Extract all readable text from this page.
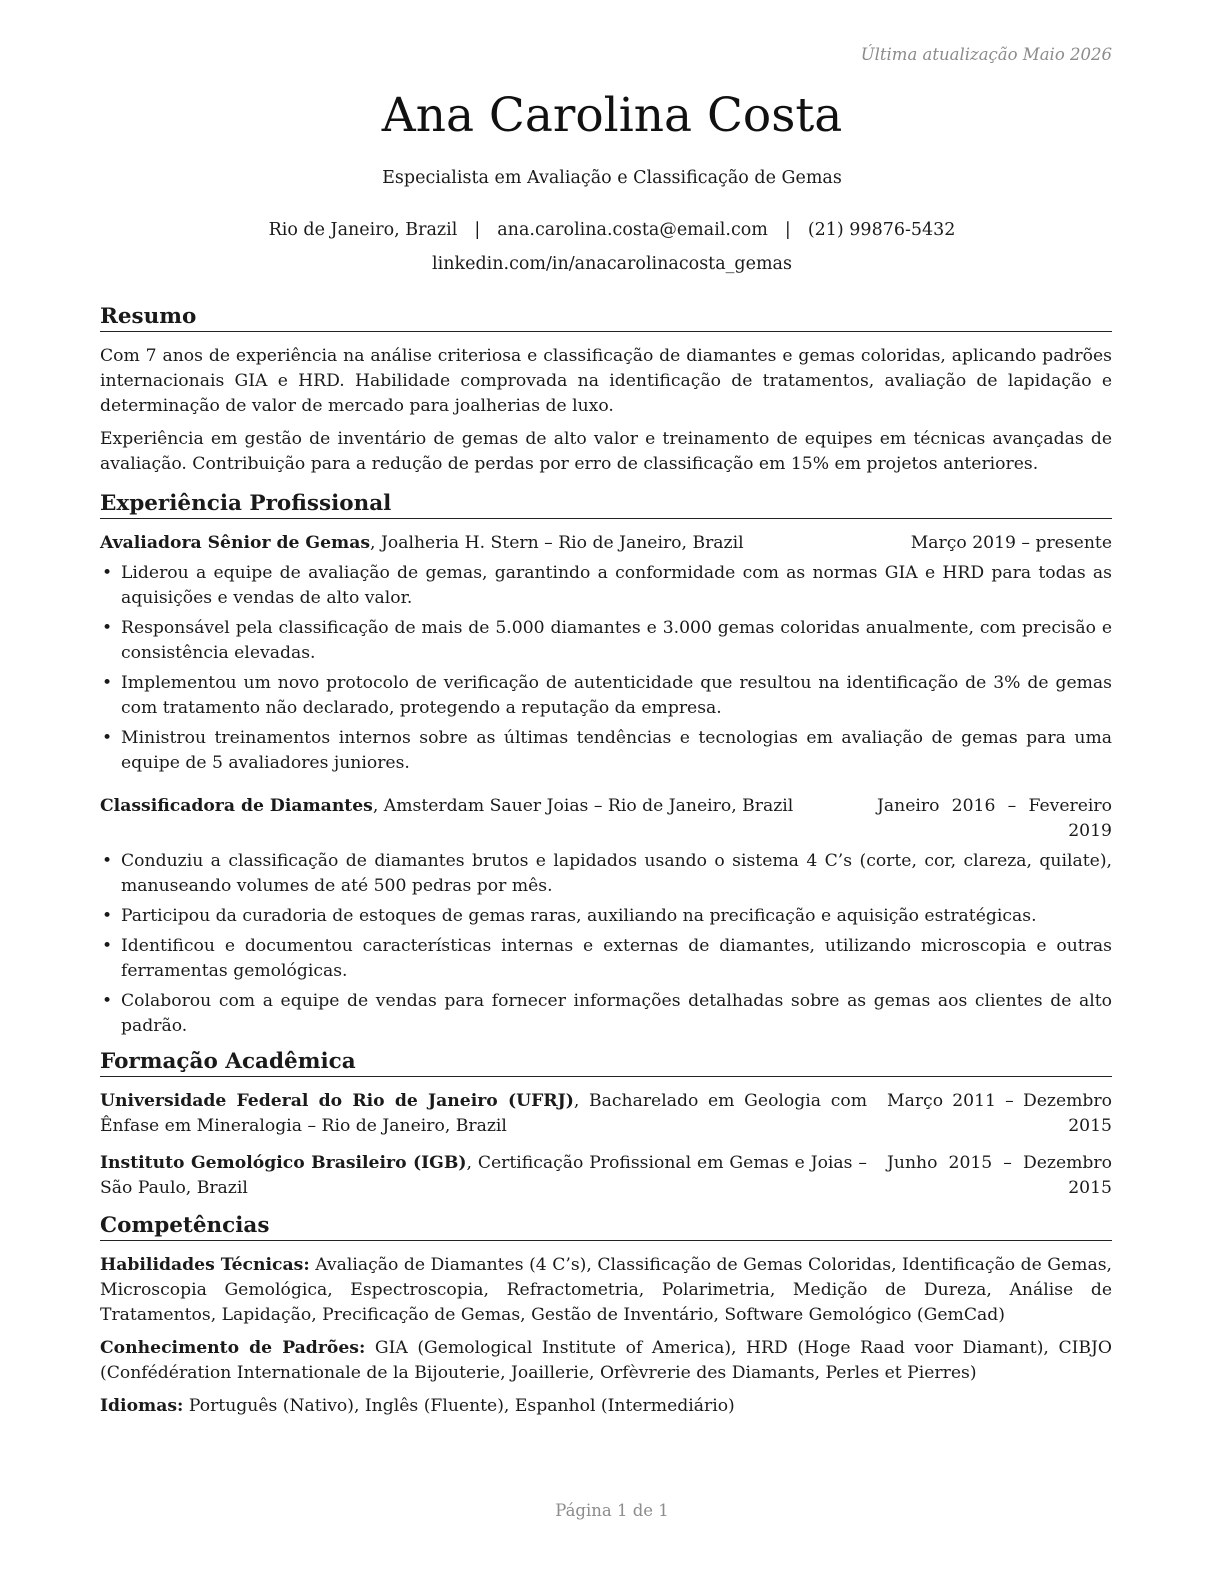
Última atualização Maio 2026
Ana Carolina Costa
Especialista em Avaliação e Classificação de Gemas
Rio de Janeiro, Brazil | ana.carolina.costa@email.com | (21) 99876-5432
linkedin.com/in/anacarolinacosta_gemas
Resumo

Com 7 anos de experiência na análise criteriosa e classificação de diamantes e gemas coloridas, aplicando padrões internacionais GIA e HRD. Habilidade comprovada na identificação de tratamentos, avaliação de lapidação e determinação de valor de mercado para joalherias de luxo.

Experiência em gestão de inventário de gemas de alto valor e treinamento de equipes em técnicas avançadas de avaliação. Contribuição para a redução de perdas por erro de classificação em 15% em projetos anteriores.

Experiência Profissional
Avaliadora Sênior de Gemas, Joalheria H. Stern – Rio de Janeiro, Brazil	Março 2019 – presente
• Liderou a equipe de avaliação de gemas, garantindo a conformidade com as normas GIA e HRD para todas as aquisições e vendas de alto valor.
• Responsável pela classificação de mais de 5.000 diamantes e 3.000 gemas coloridas anualmente, com precisão e consistência elevadas.
• Implementou um novo protocolo de verificação de autenticidade que resultou na identificação de 3% de gemas com tratamento não declarado, protegendo a reputação da empresa.
• Ministrou treinamentos internos sobre as últimas tendências e tecnologias em avaliação de gemas para uma equipe de 5 avaliadores juniores.
Classificadora de Diamantes, Amsterdam Sauer Joias – Rio de Janeiro, Brazil	Janeiro 2016 – Fevereiro 2019
• Conduziu a classificação de diamantes brutos e lapidados usando o sistema 4 C’s (corte, cor, clareza, quilate), manuseando volumes de até 500 pedras por mês.
• Participou da curadoria de estoques de gemas raras, auxiliando na precificação e aquisição estratégicas.
• Identificou e documentou características internas e externas de diamantes, utilizando microscopia e outras ferramentas gemológicas.
• Colaborou com a equipe de vendas para fornecer informações detalhadas sobre as gemas aos clientes de alto padrão.
Formação Acadêmica
Universidade Federal do Rio de Janeiro (UFRJ), Bacharelado em Geologia com Ênfase em Mineralogia – Rio de Janeiro, Brazil
Março 2011 – Dezembro 2015
Instituto Gemológico Brasileiro (IGB), Certificação Profissional em Gemas e Joias – São Paulo, Brazil
Junho 2015 – Dezembro 2015
Competências

Habilidades Técnicas: Avaliação de Diamantes (4 C’s), Classificação de Gemas Coloridas, Identificação de Gemas, Microscopia Gemológica, Espectroscopia, Refractometria, Polarimetria, Medição de Dureza, Análise de Tratamentos, Lapidação, Precificação de Gemas, Gestão de Inventário, Software Gemológico (GemCad)

Conhecimento de Padrões: GIA (Gemological Institute of America), HRD (Hoge Raad voor Diamant), CIBJO (Confédération Internationale de la Bijouterie, Joaillerie, Orfèvrerie des Diamants, Perles et Pierres)

Idiomas: Português (Nativo), Inglês (Fluente), Espanhol (Intermediário)

Página 1 de 1
